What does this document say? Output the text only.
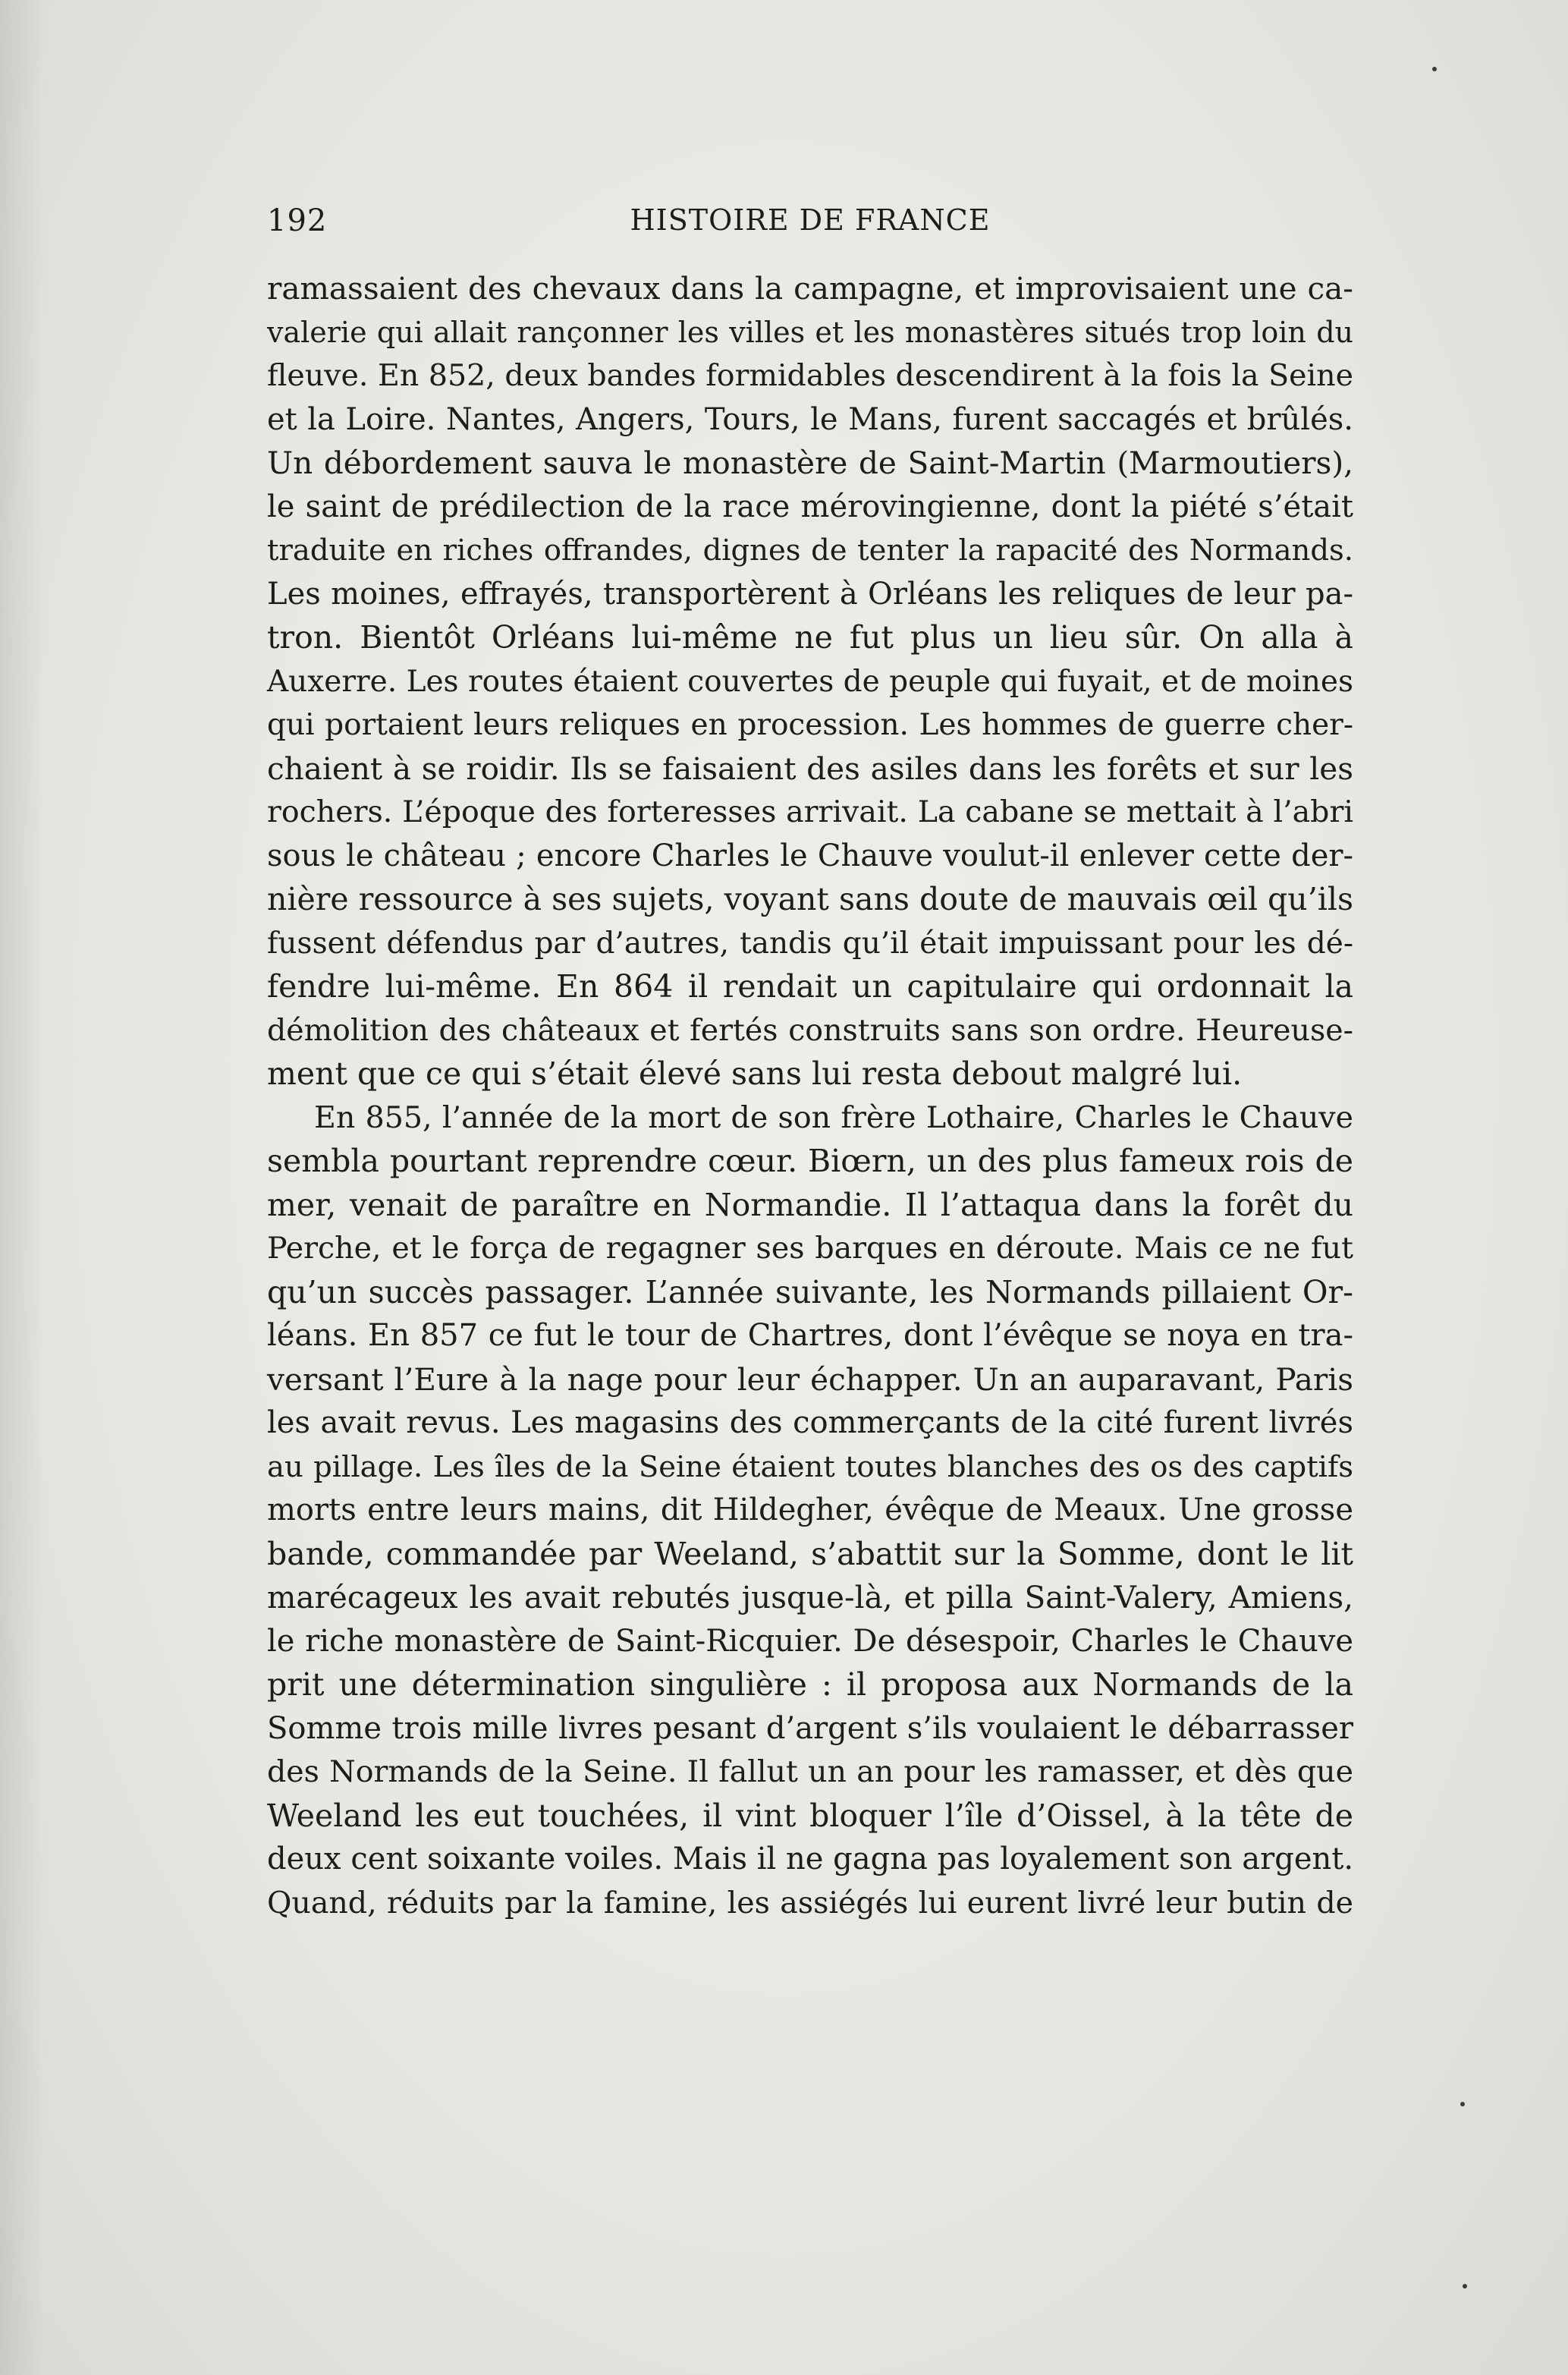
192	HISTOIRE DE FRANCE
ramassaient des chevaux dans la campagne, et improvisaient une ca-
valerie qui allait rançonner les villes et les monastères situés trop loin du
fleuve. En 852, deux bandes formidables descendirent à la fois la Seine
et la Loire. Nantes, Angers, Tours, le Mans, furent saccagés et brûlés.
Un débordement sauva le monastère de Saint-Martin (Marmoutiers),
le saint de prédilection de la race mérovingienne, dont la piété s’était
traduite en riches offrandes, dignes de tenter la rapacité des Normands.
Les moines, effrayés, transportèrent à Orléans les reliques de leur pa-
tron. Bientôt Orléans lui-même ne fut plus un lieu sûr. On alla à
Auxerre. Les routes étaient couvertes de peuple qui fuyait, et de moines
qui portaient leurs reliques en procession. Les hommes de guerre cher-
chaient à se roidir. Ils se faisaient des asiles dans les forêts et sur les
rochers. L’époque des forteresses arrivait. La cabane se mettait à l’abri
sous le château ; encore Charles le Chauve voulut-il enlever cette der-
nière ressource à ses sujets, voyant sans doute de mauvais œil qu’ils
fussent défendus par d’autres, tandis qu’il était impuissant pour les dé-
fendre lui-même. En 864 il rendait un capitulaire qui ordonnait la
démolition des châteaux et fertés construits sans son ordre. Heureuse-
ment que ce qui s’était élevé sans lui resta debout malgré lui.
En 855, l’année de la mort de son frère Lothaire, Charles le Chauve
sembla pourtant reprendre cœur. Biœrn, un des plus fameux rois de
mer, venait de paraître en Normandie. Il l’attaqua dans la forêt du
Perche, et le força de regagner ses barques en déroute. Mais ce ne fut
qu’un succès passager. L’année suivante, les Normands pillaient Or-
léans. En 857 ce fut le tour de Chartres, dont l’évêque se noya en tra-
versant l’Eure à la nage pour leur échapper. Un an auparavant, Paris
les avait revus. Les magasins des commerçants de la cité furent livrés
au pillage. Les îles de la Seine étaient toutes blanches des os des captifs
morts entre leurs mains, dit Hildegher, évêque de Meaux. Une grosse
bande, commandée par Weeland, s’abattit sur la Somme, dont le lit
marécageux les avait rebutés jusque-là, et pilla Saint-Valery, Amiens,
le riche monastère de Saint-Ricquier. De désespoir, Charles le Chauve
prit une détermination singulière : il proposa aux Normands de la
Somme trois mille livres pesant d’argent s’ils voulaient le débarrasser
des Normands de la Seine. Il fallut un an pour les ramasser, et dès que
Weeland les eut touchées, il vint bloquer l’île d’Oissel, à la tête de
deux cent soixante voiles. Mais il ne gagna pas loyalement son argent.
Quand, réduits par la famine, les assiégés lui eurent livré leur butin de
